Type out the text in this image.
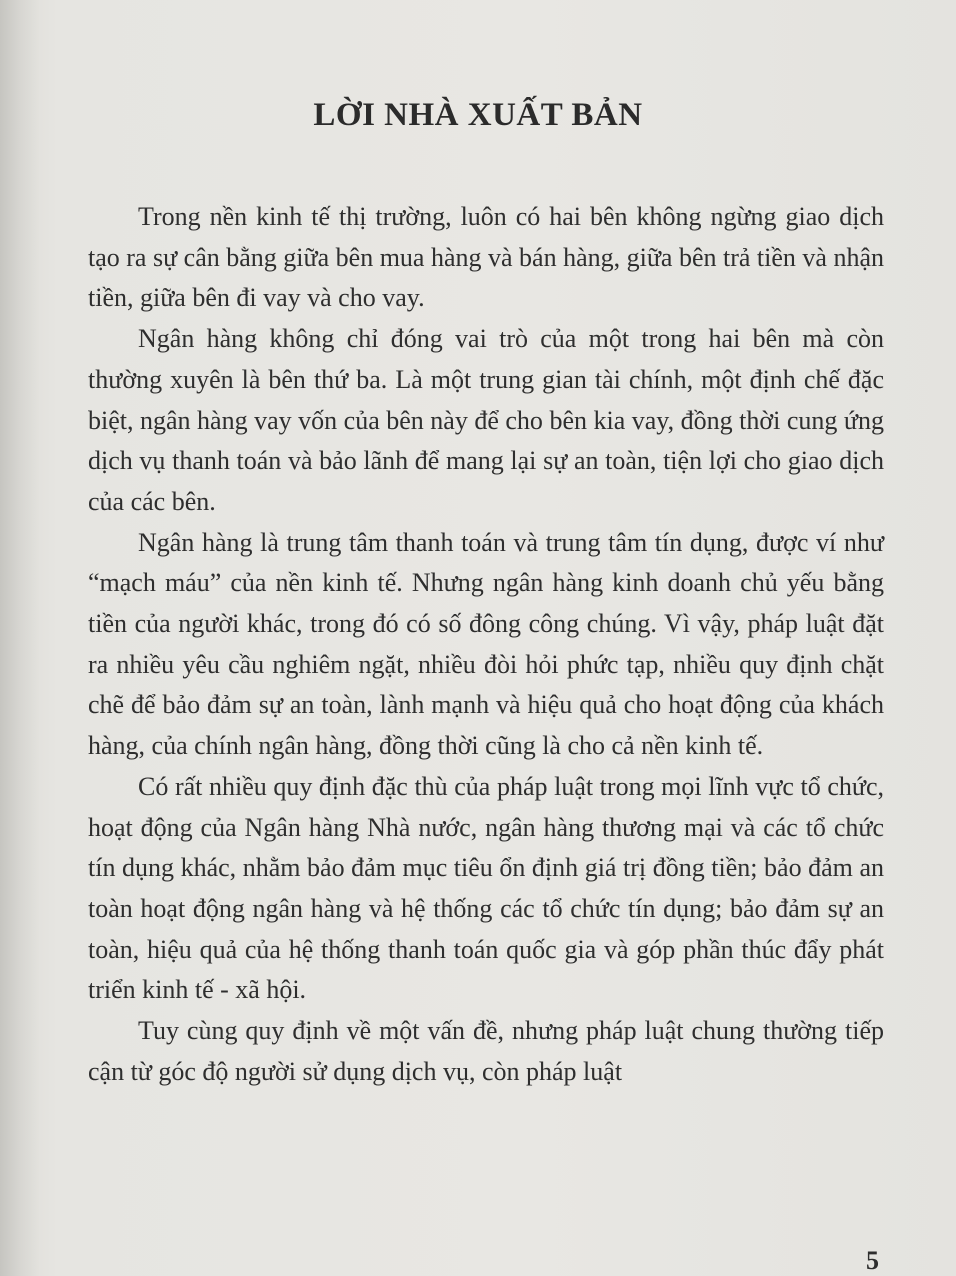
LỜI NHÀ XUẤT BẢN

Trong nền kinh tế thị trường, luôn có hai bên không ngừng giao dịch tạo ra sự cân bằng giữa bên mua hàng và bán hàng, giữa bên trả tiền và nhận tiền, giữa bên đi vay và cho vay.

Ngân hàng không chỉ đóng vai trò của một trong hai bên mà còn thường xuyên là bên thứ ba. Là một trung gian tài chính, một định chế đặc biệt, ngân hàng vay vốn của bên này để cho bên kia vay, đồng thời cung ứng dịch vụ thanh toán và bảo lãnh để mang lại sự an toàn, tiện lợi cho giao dịch của các bên.

Ngân hàng là trung tâm thanh toán và trung tâm tín dụng, được ví như “mạch máu” của nền kinh tế. Nhưng ngân hàng kinh doanh chủ yếu bằng tiền của người khác, trong đó có số đông công chúng. Vì vậy, pháp luật đặt ra nhiều yêu cầu nghiêm ngặt, nhiều đòi hỏi phức tạp, nhiều quy định chặt chẽ để bảo đảm sự an toàn, lành mạnh và hiệu quả cho hoạt động của khách hàng, của chính ngân hàng, đồng thời cũng là cho cả nền kinh tế.

Có rất nhiều quy định đặc thù của pháp luật trong mọi lĩnh vực tổ chức, hoạt động của Ngân hàng Nhà nước, ngân hàng thương mại và các tổ chức tín dụng khác, nhằm bảo đảm mục tiêu ổn định giá trị đồng tiền; bảo đảm an toàn hoạt động ngân hàng và hệ thống các tổ chức tín dụng; bảo đảm sự an toàn, hiệu quả của hệ thống thanh toán quốc gia và góp phần thúc đẩy phát triển kinh tế - xã hội.

Tuy cùng quy định về một vấn đề, nhưng pháp luật chung thường tiếp cận từ góc độ người sử dụng dịch vụ, còn pháp luật

5
